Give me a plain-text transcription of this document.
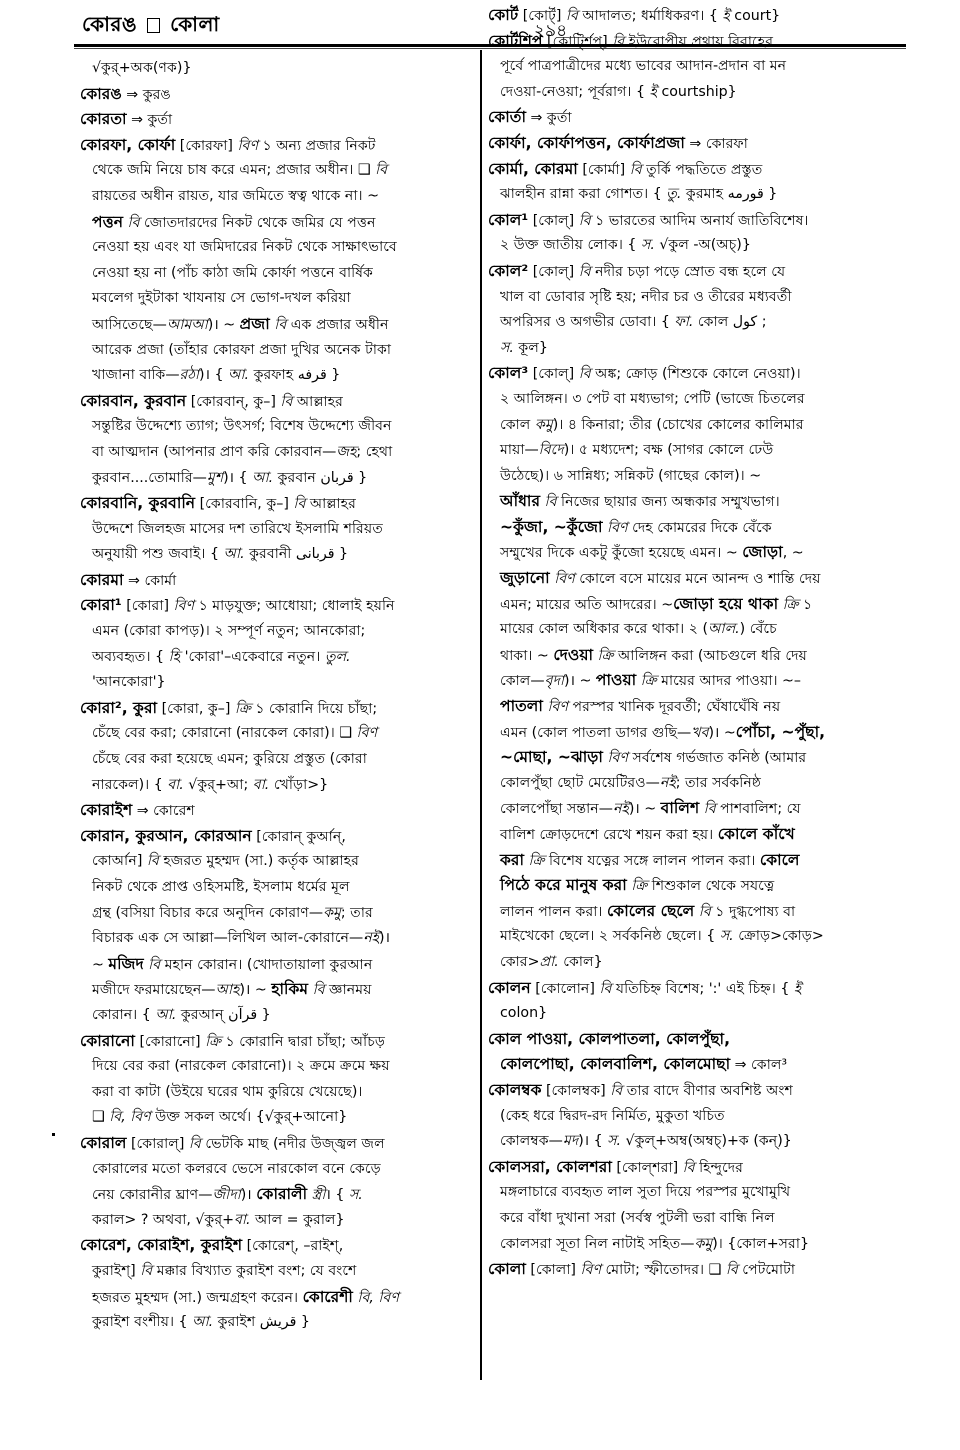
কোরঙ কোলা	২৯৪
√কুর্+অক(ণক)}
কোরঙ ⇒ কুরঙ
কোরতা ⇒ কুর্তা
কোরফা, কোর্ফা [কোরফা] বিণ ১ অন্য প্রজার নিকট
থেকে জমি নিয়ে চাষ করে এমন; প্রজার অধীন। ❑ বি
রায়তের অধীন রায়ত, যার জমিতে স্বত্ব থাকে না। ~
পত্তন বি জোতদারদের নিকট থেকে জমির যে পত্তন
নেওয়া হয় এবং যা জমিদারের নিকট থেকে সাক্ষাৎভাবে
নেওয়া হয় না (পাঁচ কাঠা জমি কোর্ফা পত্তনে বার্ষিক
মবলেগ দুইটাকা খাযনায় সে ভোগ-দখল করিয়া
আসিতেছে—আমআ)। ~ প্রজা বি এক প্রজার অধীন
আরেক প্রজা (তাঁহার কোরফা প্রজা দুখির অনেক টাকা
খাজানা বাকি—রঠা)। { আ. কুরফাহ قرفه }
কোরবান, কুরবান [কোরবান্, কু–] বি আল্লাহর
সন্তুষ্টির উদ্দেশ্যে ত্যাগ; উৎসর্গ; বিশেষ উদ্দেশ্যে জীবন
বা আত্মদান (আপনার প্রাণ করি কোরবান—জহ; হেথা
কুরবান....তোমারি—মুশ)। { আ. কুরবান قربان }
কোরবানি, কুরবানি [কোরবানি, কু–] বি আল্লাহর
উদ্দেশে জিলহজ মাসের দশ তারিখে ইসলামি শরিয়ত
অনুযায়ী পশু জবাই। { আ. কুরবানী قربانى }
কোরমা ⇒ কোর্মা
কোরা¹ [কোরা] বিণ ১ মাড়যুক্ত; আধোয়া; ধোলাই হয়নি
এমন (কোরা কাপড়)। ২ সম্পূর্ণ নতুন; আনকোরা;
অব্যবহৃত। { হি 'কোরা'–একেবারে নতুন। তুল.
'আনকোরা'}
কোরা², কুরা [কোরা, কু–] ক্রি ১ কোরানি দিয়ে চাঁছা;
চেঁছে বের করা; কোরানো (নারকেল কোরা)। ❑ বিণ
চেঁছে বের করা হয়েছে এমন; কুরিয়ে প্রস্তুত (কোরা
নারকেল)। { বা. √কুর্+আ; বা. খোঁড়া>}
কোরাইশ ⇒ কোরেশ
কোরান, কুরআন, কোরআন [কোরান্ কুর্আন্,
কোর্আন] বি হজরত মুহম্মদ (সা.) কর্তৃক আল্লাহর
নিকট থেকে প্রাপ্ত ওহিসমষ্টি, ইসলাম ধর্মের মূল
গ্রন্থ (বসিয়া বিচার করে অনুদিন কোরাণ—কমু; তার
বিচারক এক সে আল্লা—লিখিল আল-কোরানে—নই)।
~ মজিদ বি মহান কোরান। (খোদাতায়ালা কুরআন
মজীদে ফরমায়েছেন—আহ)। ~ হাকিম বি জ্ঞানময়
কোরান। { আ. কুরআন্ قرآن }
কোরানো [কোরানো] ক্রি ১ কোরানি দ্বারা চাঁছা; আঁচড়
দিয়ে বের করা (নারকেল কোরানো)। ২ ক্রমে ক্রমে ক্ষয়
করা বা কাটা (উইয়ে ঘরের থাম কুরিয়ে খেয়েছে)।
❑ বি, বিণ উক্ত সকল অর্থে। {√কুর্+আনো}
কোরাল [কোরাল্] বি ভেটকি মাছ (নদীর উজ্জ্বল জল
কোরালের মতো কলরবে ভেসে নারকোল বনে কেড়ে
নেয় কোরানীর ঘ্রাণ—জীদা)। কোরালী স্ত্রী। { স.
করাল> ? অথবা, √কুর্+বা. আল = কুরাল}
কোরেশ, কোরাইশ, কুরাইশ [কোরেশ্, –রাইশ্,
কুরাইশ্] বি মক্কার বিখ্যাত কুরাইশ বংশ; যে বংশে
হজরত মুহম্মদ (সা.) জন্মগ্রহণ করেন। কোরেশী বি, বিণ
কুরাইশ বংশীয়। { আ. কুরাইশ قريش }
কোর্ট [কোর্ট্] বি আদালত; ধর্মাধিকরণ। { ই court}
কোর্টশিপ [কোর্ট্শিপ্] বি ইউরোপীয় প্রথায় বিবাহের
পূর্বে পাত্রপাত্রীদের মধ্যে ভাবের আদান-প্রদান বা মন
দেওয়া-নেওয়া; পূর্বরাগ। { ই courtship}
কোর্তা ⇒ কুর্তা
কোর্ফা, কোর্ফাপত্তন, কোর্ফাপ্রজা ⇒ কোরফা
কোর্মা, কোরমা [কোর্মা] বি তুর্কি পদ্ধতিতে প্রস্তুত
ঝালহীন রান্না করা গোশত। { তু. কুরমাহ قورمه }
কোল¹ [কোল্] বি ১ ভারতের আদিম অনার্য জাতিবিশেষ।
২ উক্ত জাতীয় লোক। { স. √কুল -অ(অচ্)}
কোল² [কোল্] বি নদীর চড়া পড়ে স্রোত বন্ধ হলে যে
খাল বা ডোবার সৃষ্টি হয়; নদীর চর ও তীরের মধ্যবর্তী
অপরিসর ও অগভীর ডোবা। { ফা. কোল كول ;
স. কূল}
কোল³ [কোল্] বি অঙ্ক; ক্রোড় (শিশুকে কোলে নেওয়া)।
২ আলিঙ্গন। ৩ পেট বা মধ্যভাগ; পেটি (ভাজে চিতলের
কোল কমু)। ৪ কিনারা; তীর (চোখের কোলের কালিমার
মায়া—বিদে)। ৫ মধ্যদেশ; বক্ষ (সাগর কোলে ঢেউ
উঠেছে)। ৬ সান্নিধ্য; সন্নিকট (গাছের কোল)। ~
আঁধার বি নিজের ছায়ার জন্য অন্ধকার সম্মুখভাগ।
~কুঁজা, ~কুঁজো বিণ দেহ কোমরের দিকে বেঁকে
সম্মুখের দিকে একটু কুঁজো হয়েছে এমন। ~ জোড়া, ~
জুড়ানো বিণ কোলে বসে মায়ের মনে আনন্দ ও শান্তি দেয়
এমন; মায়ের অতি আদরের। ~জোড়া হয়ে থাকা ক্রি ১
মায়ের কোল অধিকার করে থাকা। ২ (আল.) বেঁচে
থাকা। ~ দেওয়া ক্রি আলিঙ্গন করা (আচগুলে ধরি দেয়
কোল—বৃদা)। ~ পাওয়া ক্রি মায়ের আদর পাওয়া। ~–
পাতলা বিণ পরস্পর খানিক দূরবর্তী; ঘেঁষাঘেঁষি নয়
এমন (কোল পাতলা ডাগর গুছি—খব)। ~পোঁচা, ~পুঁছা,
~মোছা, ~ঝাড়া বিণ সর্বশেষ গর্ভজাত কনিষ্ঠ (আমার
কোলপুঁছা ছোট মেয়েটিরও—নই; তার সর্বকনিষ্ঠ
কোলপোঁছা সন্তান—নই)। ~ বালিশ বি পাশবালিশ; যে
বালিশ ক্রোড়দেশে রেখে শয়ন করা হয়। কোলে কাঁখে
করা ক্রি বিশেষ যত্নের সঙ্গে লালন পালন করা। কোলে
পিঠে করে মানুষ করা ক্রি শিশুকাল থেকে সযত্নে
লালন পালন করা। কোলের ছেলে বি ১ দুগ্ধপোষ্য বা
মাইখেকো ছেলে। ২ সর্বকনিষ্ঠ ছেলে। { স. ক্রোড়>কোড়>
কোর>প্রা. কোল}
কোলন [কোলোন] বি যতিচিহ্ন বিশেষ; ':' এই চিহ্ন। { ই
colon}
কোল পাওয়া, কোলপাতলা, কোলপুঁছা,
কোলপোছা, কোলবালিশ, কোলমোছা ⇒ কোল³
কোলম্বক [কোলম্বক] বি তার বাদে বীণার অবশিষ্ট অংশ
(কেহ ধরে দ্বিরদ-রদ নির্মিত, মুকুতা খচিত
কোলম্বক—মদ)। { স. √কুল্+অম্ব(অম্বচ্)+ক (কন্)}
কোলসরা, কোলশরা [কোল্শরা] বি হিন্দুদের
মঙ্গলাচারে ব্যবহৃত লাল সুতা দিয়ে পরস্পর মুখোমুখি
করে বাঁধা দুখানা সরা (সর্বস্ব পুটলী ভরা বান্ধি নিল
কোলসরা সূতা নিল নাটাই সহিত—কমু)। {কোল+সরা}
কোলা [কোলা] বিণ মোটা; স্ফীতোদর। ❑ বি পেটমোটা
